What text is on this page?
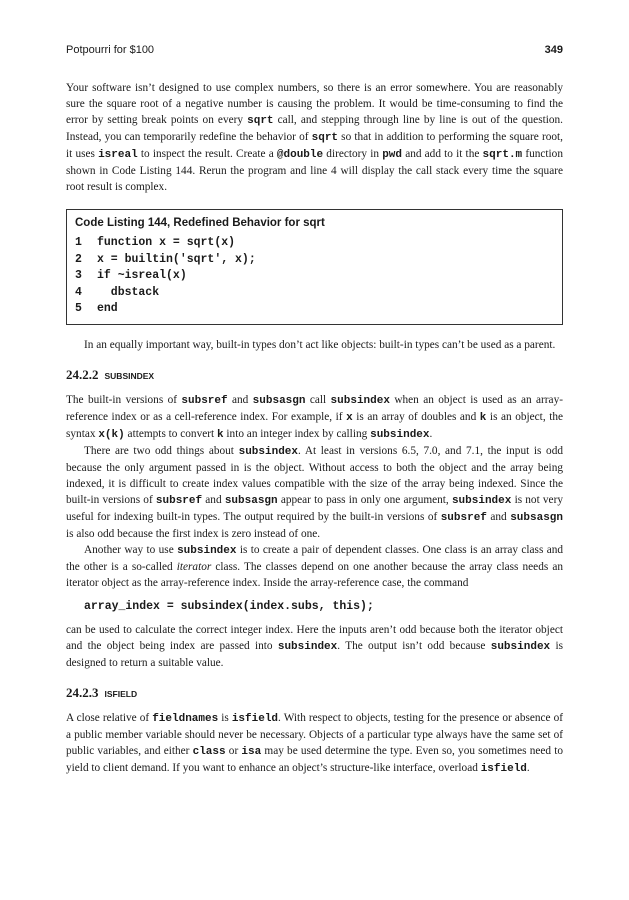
Potpourri for $100	349

Your software isn’t designed to use complex numbers, so there is an error somewhere. You are reasonably sure the square root of a negative number is causing the problem. It would be time-consuming to find the error by setting break points on every sqrt call, and stepping through line by line is out of the question. Instead, you can temporarily redefine the behavior of sqrt so that in addition to performing the square root, it uses isreal to inspect the result. Create a @double directory in pwd and add to it the sqrt.m function shown in Code Listing 144. Rerun the program and line 4 will display the call stack every time the square root result is complex.

Code Listing 144, Redefined Behavior for sqrt
1 function x = sqrt(x)
2 x = builtin('sqrt', x);
3 if ~isreal(x)
4  dbstack
5 end

In an equally important way, built-in types don’t act like objects: built-in types can’t be used as a parent.

24.2.2 SUBSINDEX

The built-in versions of subsref and subsasgn call subsindex when an object is used as an array-reference index or as a cell-reference index. For example, if x is an array of doubles and k is an object, the syntax x(k) attempts to convert k into an integer index by calling subsindex.

There are two odd things about subsindex. At least in versions 6.5, 7.0, and 7.1, the input is odd because the only argument passed in is the object. Without access to both the object and the array being indexed, it is difficult to create index values compatible with the size of the array being indexed. Since the built-in versions of subsref and subsasgn appear to pass in only one argument, subsindex is not very useful for indexing built-in types. The output required by the built-in versions of subsref and subsasgn is also odd because the first index is zero instead of one.

Another way to use subsindex is to create a pair of dependent classes. One class is an array class and the other is a so-called iterator class. The classes depend on one another because the array class needs an iterator object as the array-reference index. Inside the array-reference case, the command

array_index = subsindex(index.subs, this);

can be used to calculate the correct integer index. Here the inputs aren’t odd because both the iterator object and the object being index are passed into subsindex. The output isn’t odd because subsindex is designed to return a suitable value.

24.2.3 ISFIELD

A close relative of fieldnames is isfield. With respect to objects, testing for the presence or absence of a public member variable should never be necessary. Objects of a particular type always have the same set of public variables, and either class or isa may be used determine the type. Even so, you sometimes need to yield to client demand. If you want to enhance an object’s structure-like interface, overload isfield.
